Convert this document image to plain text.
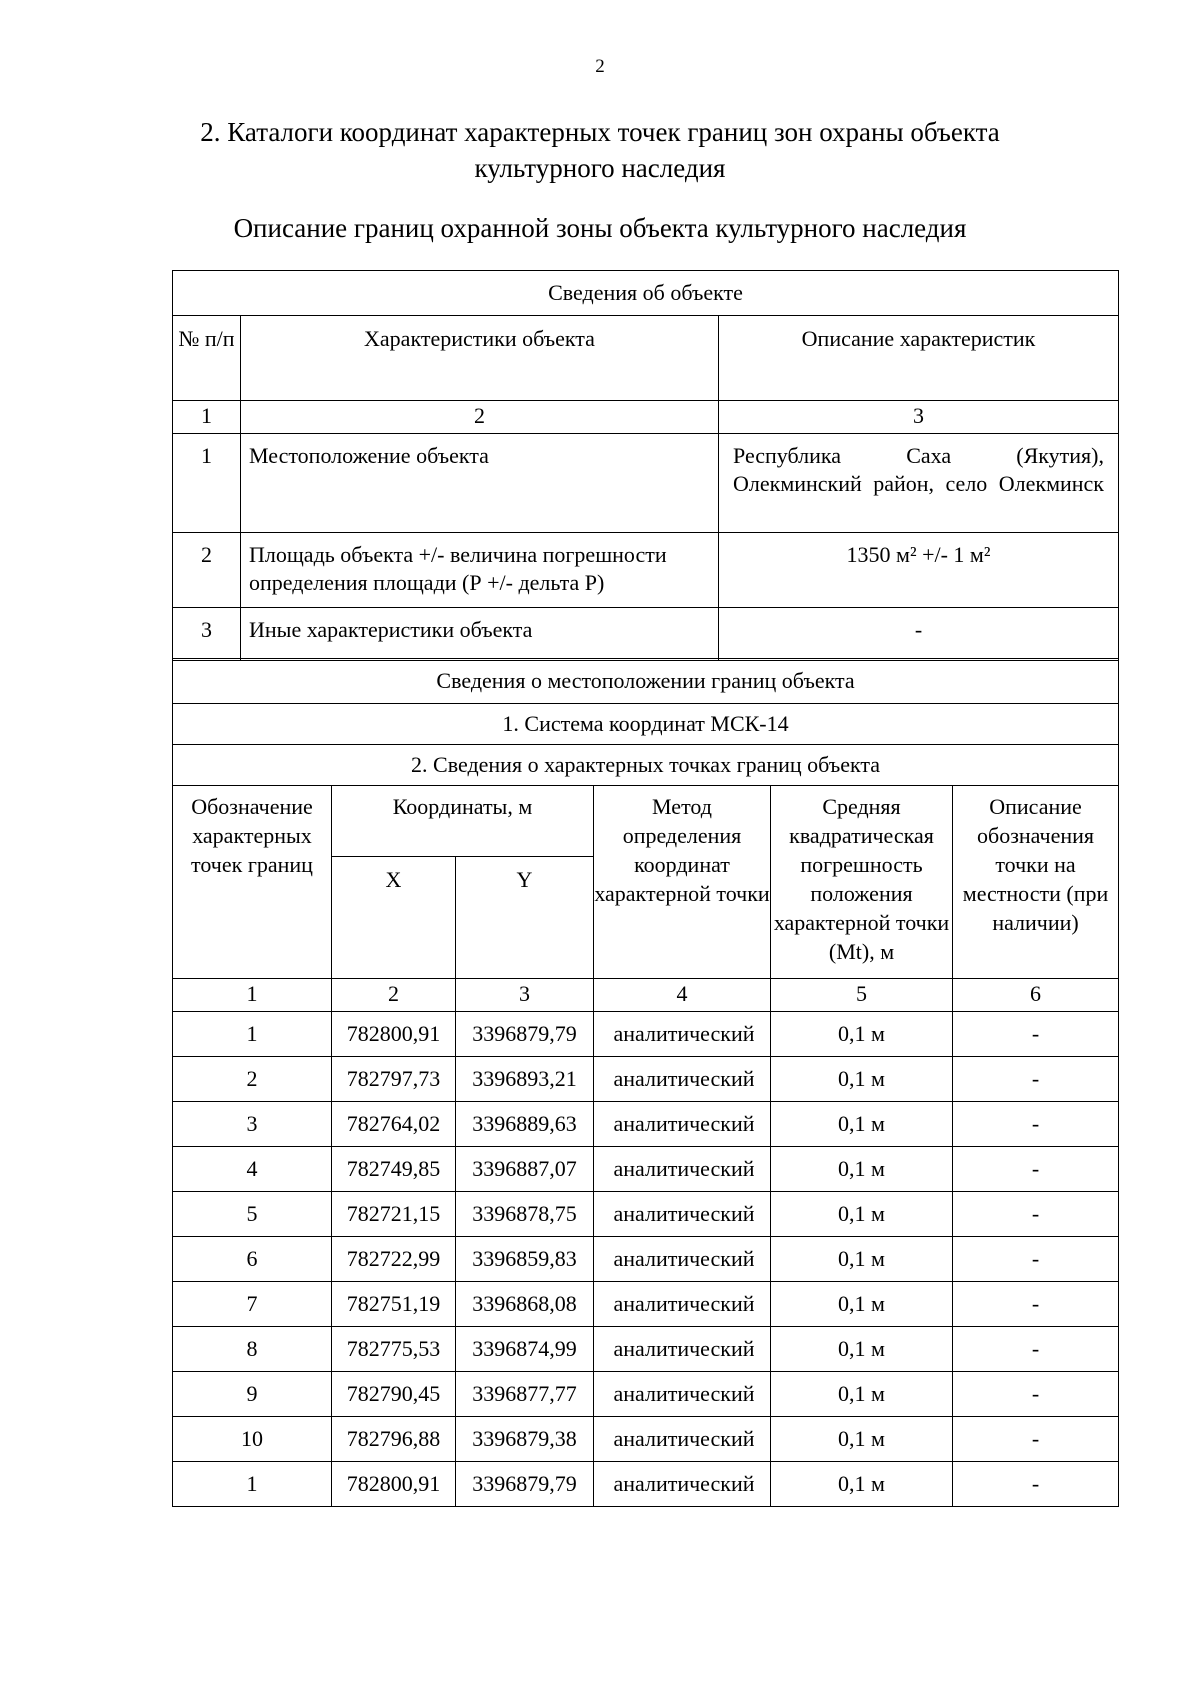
2
2. Каталоги координат характерных точек границ зон охраны объекта культурного наследия
Описание границ охранной зоны объекта культурного наследия
Сведения об объекте		
№ п/п	Характеристики объекта	Описание характеристик
1	2	3
1	Местоположение объекта	Республика Саха (Якутия), Олекминский район, село Олекминск
2	Площадь объекта +/- величина погрешности определения площади (Р +/- дельта Р)	1350 м² +/- 1 м²
3	Иные характеристики объекта	-
Сведения о местоположении границ объекта					
1. Система координат МСК-14					
2. Сведения о характерных точках границ объекта					
Обозначение характерных точек границ	Координаты, м		Метод определения координат характерной точки	Средняя квадратическая погрешность положения характерной точки (Mt), м	Описание обозначения точки на местности (при наличии)
	X	Y			
1	2	3	4	5	6
1	782800,91	3396879,79	аналитический	0,1 м	-
2	782797,73	3396893,21	аналитический	0,1 м	-
3	782764,02	3396889,63	аналитический	0,1 м	-
4	782749,85	3396887,07	аналитический	0,1 м	-
5	782721,15	3396878,75	аналитический	0,1 м	-
6	782722,99	3396859,83	аналитический	0,1 м	-
7	782751,19	3396868,08	аналитический	0,1 м	-
8	782775,53	3396874,99	аналитический	0,1 м	-
9	782790,45	3396877,77	аналитический	0,1 м	-
10	782796,88	3396879,38	аналитический	0,1 м	-
1	782800,91	3396879,79	аналитический	0,1 м	-
